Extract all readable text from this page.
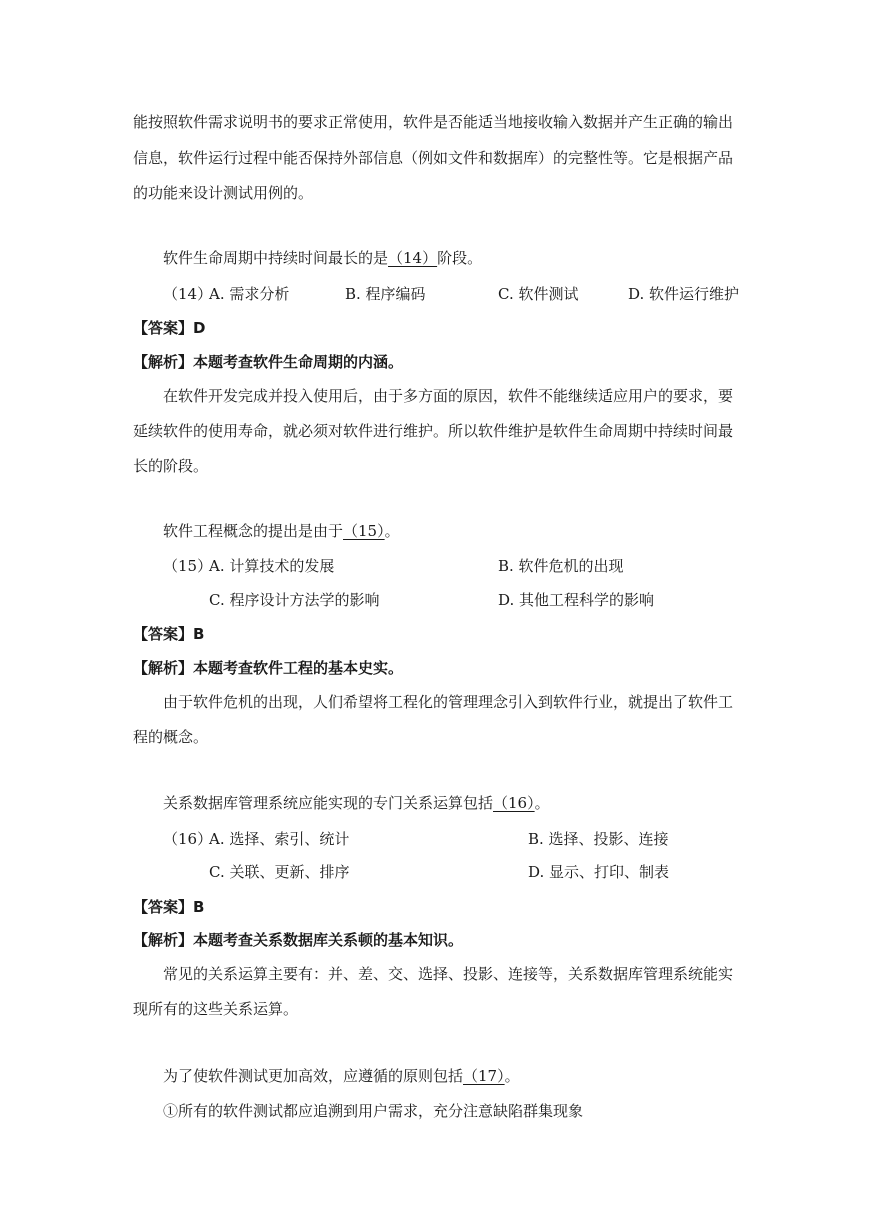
能按照软件需求说明书的要求正常使用，软件是否能适当地接收输入数据并产生正确的输出
信息，软件运行过程中能否保持外部信息（例如文件和数据库）的完整性等。它是根据产品
的功能来设计测试用例的。
软件生命周期中持续时间最长的是（14）阶段。
（14）
A. 需求分析	B. 程序编码	C. 软件测试	D. 软件运行维护
【答案】D
【解析】本题考查软件生命周期的内涵。
在软件开发完成并投入使用后，由于多方面的原因，软件不能继续适应用户的要求，要
延续软件的使用寿命，就必须对软件进行维护。所以软件维护是软件生命周期中持续时间最
长的阶段。
软件工程概念的提出是由于（15）。
（15）
A. 计算技术的发展	B. 软件危机的出现
C. 程序设计方法学的影响	D. 其他工程科学的影响
【答案】B
【解析】本题考查软件工程的基本史实。
由于软件危机的出现，人们希望将工程化的管理理念引入到软件行业，就提出了软件工
程的概念。
关系数据库管理系统应能实现的专门关系运算包括（16）。
（16）
A. 选择、索引、统计	B. 选择、投影、连接
C. 关联、更新、排序	D. 显示、打印、制表
【答案】B
【解析】本题考查关系数据库关系顿的基本知识。
常见的关系运算主要有：并、差、交、选择、投影、连接等，关系数据库管理系统能实
现所有的这些关系运算。
为了使软件测试更加高效，应遵循的原则包括（17）。
①所有的软件测试都应追溯到用户需求，充分注意缺陷群集现象
